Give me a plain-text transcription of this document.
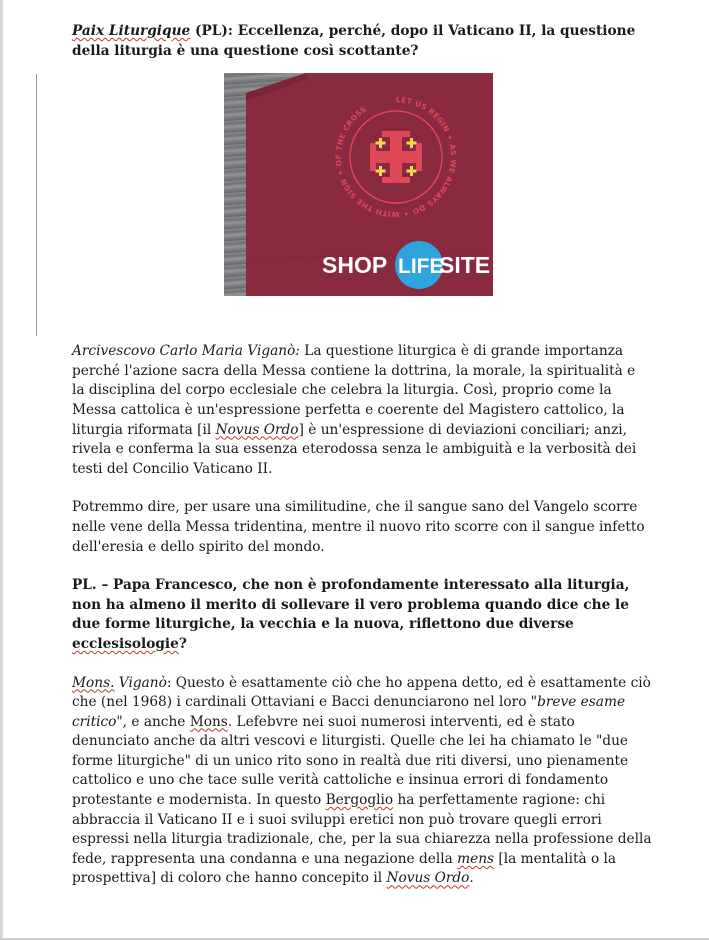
Paix Liturgique (PL): Eccellenza, perché, dopo il Vaticano II, la questione della liturgia è una questione così scottante?

LET US BEGIN ✦ AS WE ALWAYS DO ✦ WITH THE SIGN ✦ OF THE CROSS
SHOP LIFE
SITE

Arcivescovo Carlo Maria Viganò: La questione liturgica è di grande importanza perché l'azione sacra della Messa contiene la dottrina, la morale, la spiritualità e la disciplina del corpo ecclesiale che celebra la liturgia. Così, proprio come la Messa cattolica è un'espressione perfetta e coerente del Magistero cattolico, la liturgia riformata [il Novus Ordo] è un'espressione di deviazioni conciliari; anzi, rivela e conferma la sua essenza eterodossa senza le ambiguità e la verbosità dei testi del Concilio Vaticano II.

Potremmo dire, per usare una similitudine, che il sangue sano del Vangelo scorre nelle vene della Messa tridentina, mentre il nuovo rito scorre con il sangue infetto dell'eresia e dello spirito del mondo.

PL. – Papa Francesco, che non è profondamente interessato alla liturgia, non ha almeno il merito di sollevare il vero problema quando dice che le due forme liturgiche, la vecchia e la nuova, riflettono due diverse ecclesisologie?

Mons. Viganò: Questo è esattamente ciò che ho appena detto, ed è esattamente ciò che (nel 1968) i cardinali Ottaviani e Bacci denunciarono nel loro "breve esame critico", e anche Mons. Lefebvre nei suoi numerosi interventi, ed è stato denunciato anche da altri vescovi e liturgisti. Quelle che lei ha chiamato le "due forme liturgiche" di un unico rito sono in realtà due riti diversi, uno pienamente cattolico e uno che tace sulle verità cattoliche e insinua errori di fondamento protestante e modernista. In questo Bergoglio ha perfettamente ragione: chi abbraccia il Vaticano II e i suoi sviluppi eretici non può trovare quegli errori espressi nella liturgia tradizionale, che, per la sua chiarezza nella professione della fede, rappresenta una condanna e una negazione della mens [la mentalità o la prospettiva] di coloro che hanno concepito il Novus Ordo.
